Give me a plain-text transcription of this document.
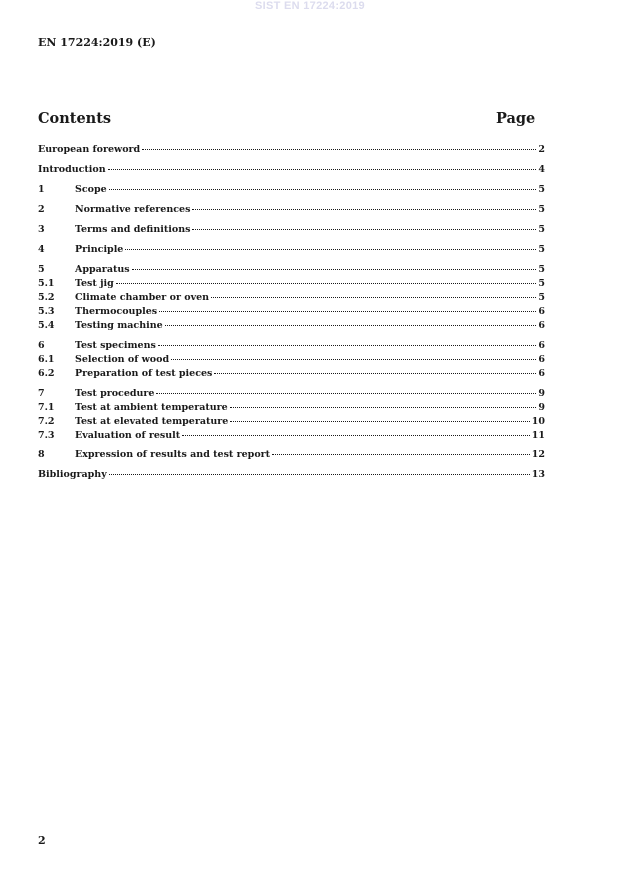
SIST EN 17224:2019
EN 17224:2019 (E)
Contents	Page
European foreword	2
Introduction	4
1	Scope	5
2	Normative references	5
3	Terms and definitions	5
4	Principle	5
5	Apparatus	5
5.1	Test jig	5
5.2	Climate chamber or oven	5
5.3	Thermocouples	6
5.4	Testing machine	6
6	Test specimens	6
6.1	Selection of wood	6
6.2	Preparation of test pieces	6
7	Test procedure	9
7.1	Test at ambient temperature	9
7.2	Test at elevated temperature	10
7.3	Evaluation of result	11
8	Expression of results and test report	12
Bibliography	13
2
